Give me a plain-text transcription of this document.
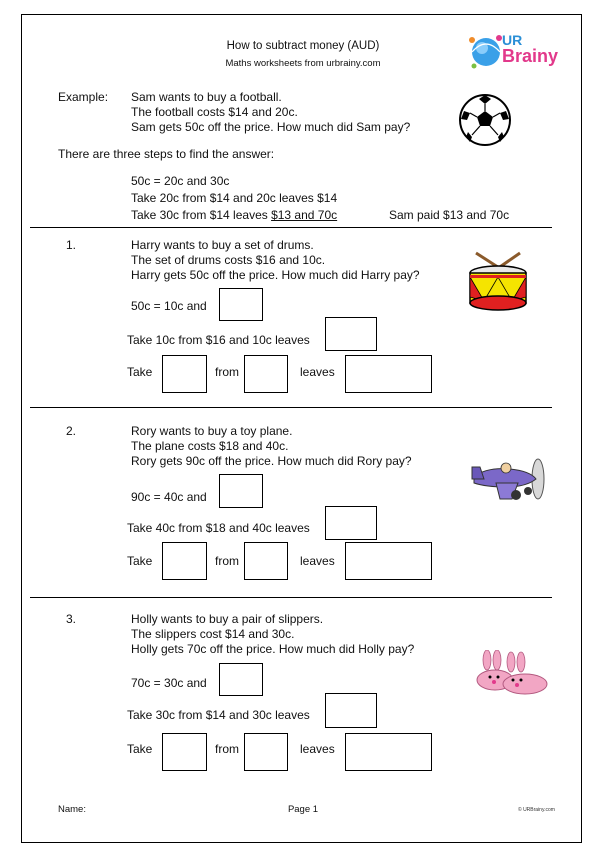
How to subtract money (AUD)
Maths worksheets from urbrainy.com
UR
Brainy
Example: Sam wants to buy a football.
The football costs $14 and 20c.
Sam gets 50c off the price. How much did Sam pay?
There are three steps to find the answer:
50c = 20c and 30c
Take 20c from $14 and 20c leaves $14
Take 30c from $14 leaves $13 and 70c	Sam paid $13 and 70c
1.	Harry wants to buy a set of drums.
The set of drums costs $16 and 10c.
Harry gets 50c off the price. How much did Harry pay?
50c = 10c and
Take 10c from $16 and 10c leaves
Take	from	leaves
2.	Rory wants to buy a toy plane.
The plane costs $18 and 40c.
Rory gets 90c off the price. How much did Rory pay?
90c = 40c and
Take 40c from $18 and 40c leaves
Take	from	leaves
3.	Holly wants to buy a pair of slippers.
The slippers cost $14 and 30c.
Holly gets 70c off the price. How much did Holly pay?
70c = 30c and
Take 30c from $14 and 30c leaves
Take	from	leaves
Name:	Page 1	© URBrainy.com
